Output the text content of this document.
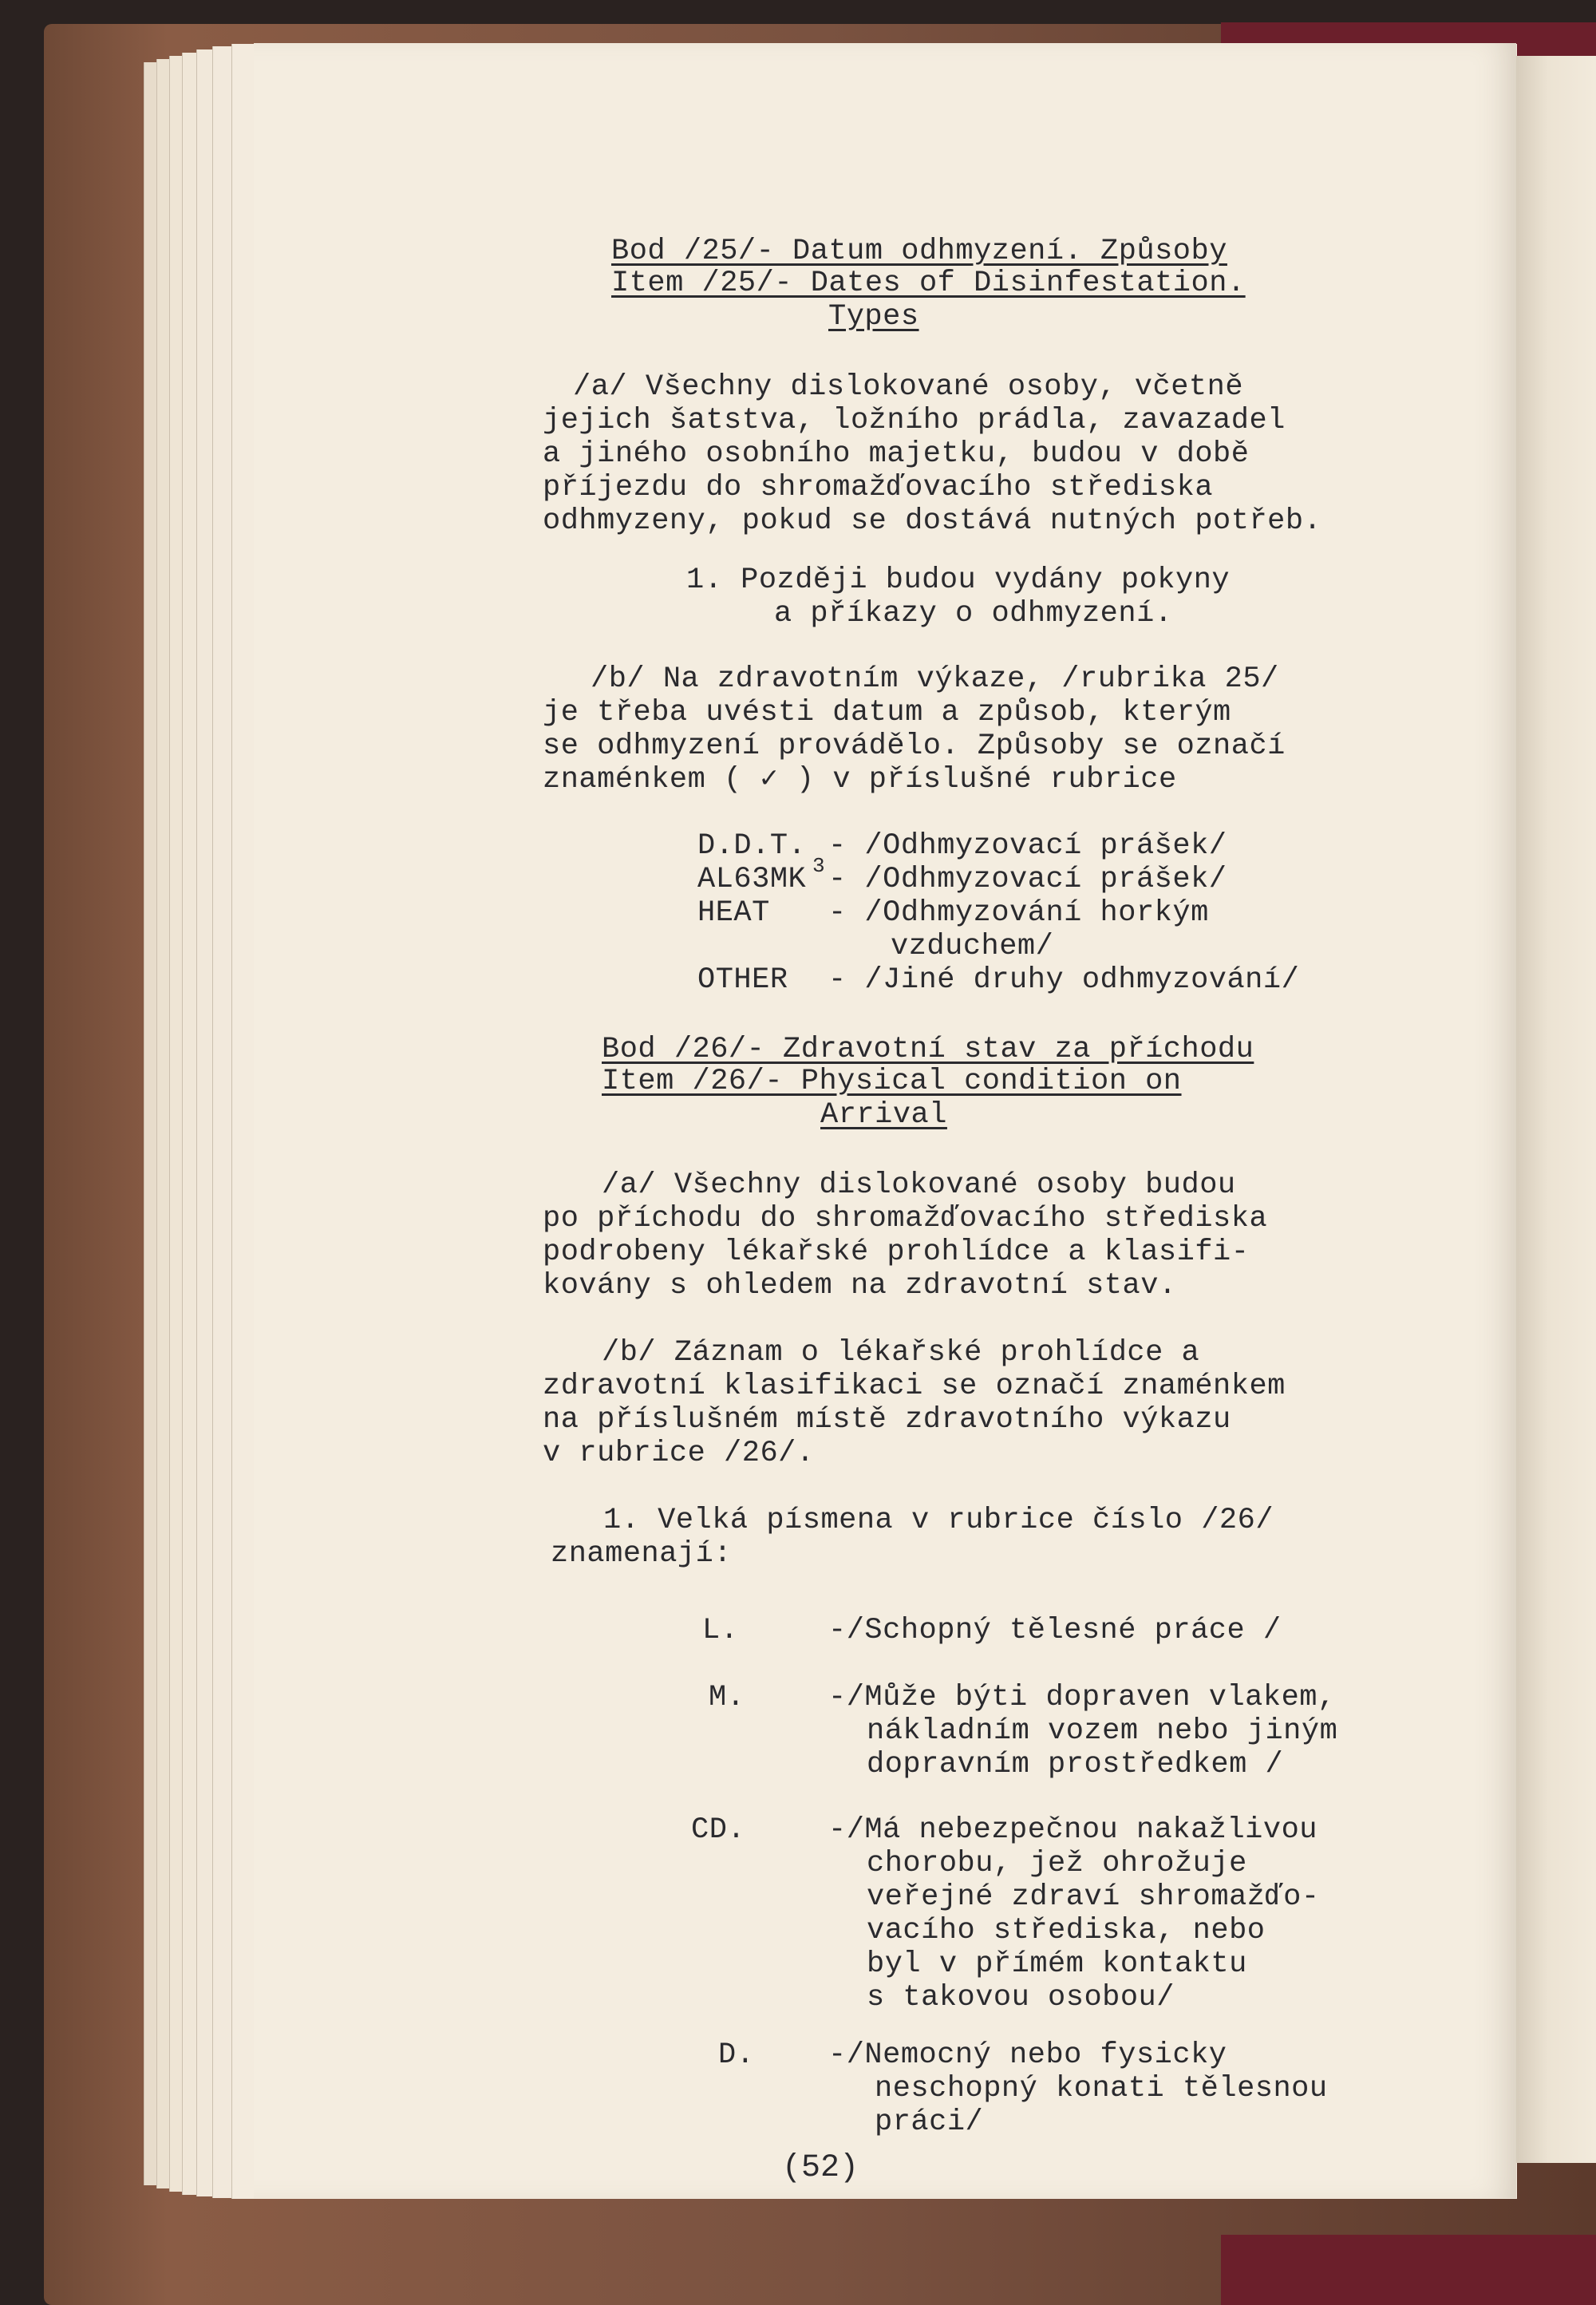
Bod /25/- Datum odhmyzení. Způsoby
Item /25/- Dates of Disinfestation.
Types
/a/ Všechny dislokované osoby, včetně
jejich šatstva, ložního prádla, zavazadel
a jiného osobního majetku, budou v době
příjezdu do shromažďovacího střediska
odhmyzeny, pokud se dostává nutných potřeb.
1. Později budou vydány pokyny
a příkazy o odhmyzení.
/b/ Na zdravotním výkaze, /rubrika 25/
je třeba uvésti datum a způsob, kterým
se odhmyzení provádělo. Způsoby se označí
znaménkem ( ✓ ) v příslušné rubrice
D.D.T. - /Odhmyzovací prášek/
AL63MK 3 - /Odhmyzovací prášek/
HEAT - /Odhmyzování horkým
vzduchem/
OTHER - /Jiné druhy odhmyzování/
Bod /26/- Zdravotní stav za příchodu
Item /26/- Physical condition on
Arrival
/a/ Všechny dislokované osoby budou
po příchodu do shromažďovacího střediska
podrobeny lékařské prohlídce a klasifi-
kovány s ohledem na zdravotní stav.
/b/ Záznam o lékařské prohlídce a
zdravotní klasifikaci se označí znaménkem
na příslušném místě zdravotního výkazu
v rubrice /26/.
1. Velká písmena v rubrice číslo /26/
znamenají:
L.	-/Schopný tělesné práce /
M.	-/Může býti dopraven vlakem,
nákladním vozem nebo jiným
dopravním prostředkem /
CD.	-/Má nebezpečnou nakažlivou
chorobu, jež ohrožuje
veřejné zdraví shromažďo-
vacího střediska, nebo
byl v přímém kontaktu
s takovou osobou/
D.	-/Nemocný nebo fysicky
neschopný konati tělesnou
práci/
(52)
